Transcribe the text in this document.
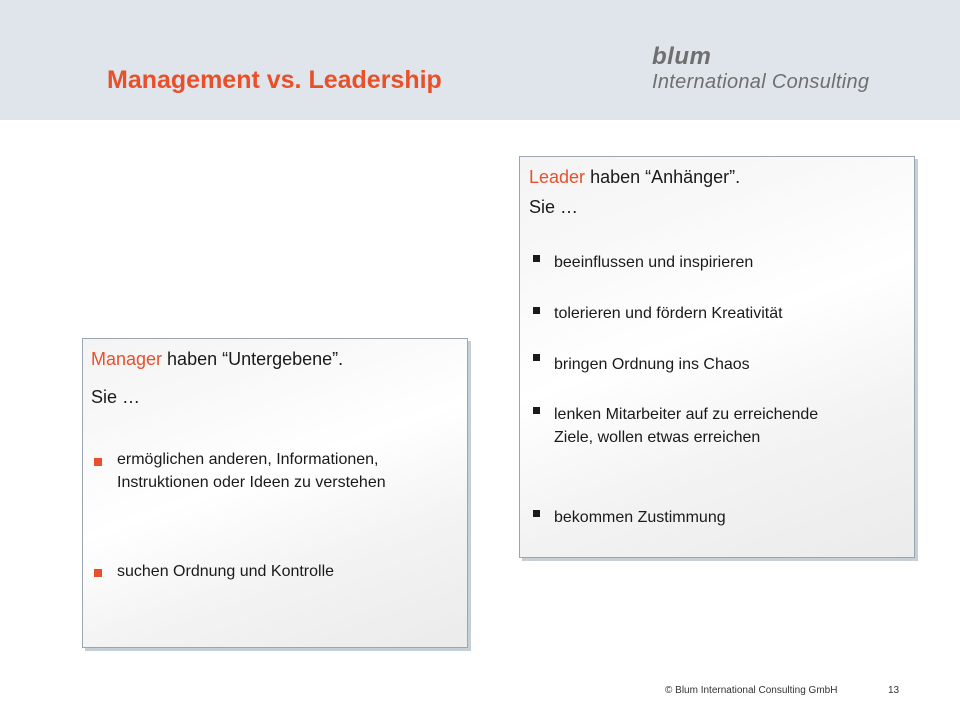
Management vs. Leadership
blum
International Consulting
Manager haben “Untergebene”.
Sie …
ermöglichen anderen, Informationen, Instruktionen oder Ideen zu verstehen
suchen Ordnung und Kontrolle
Leader haben “Anhänger”.
Sie …
beeinflussen und inspirieren
tolerieren und fördern Kreativität
bringen Ordnung ins Chaos
lenken Mitarbeiter auf zu erreichende Ziele, wollen etwas erreichen
bekommen Zustimmung
© Blum International Consulting GmbH	13
